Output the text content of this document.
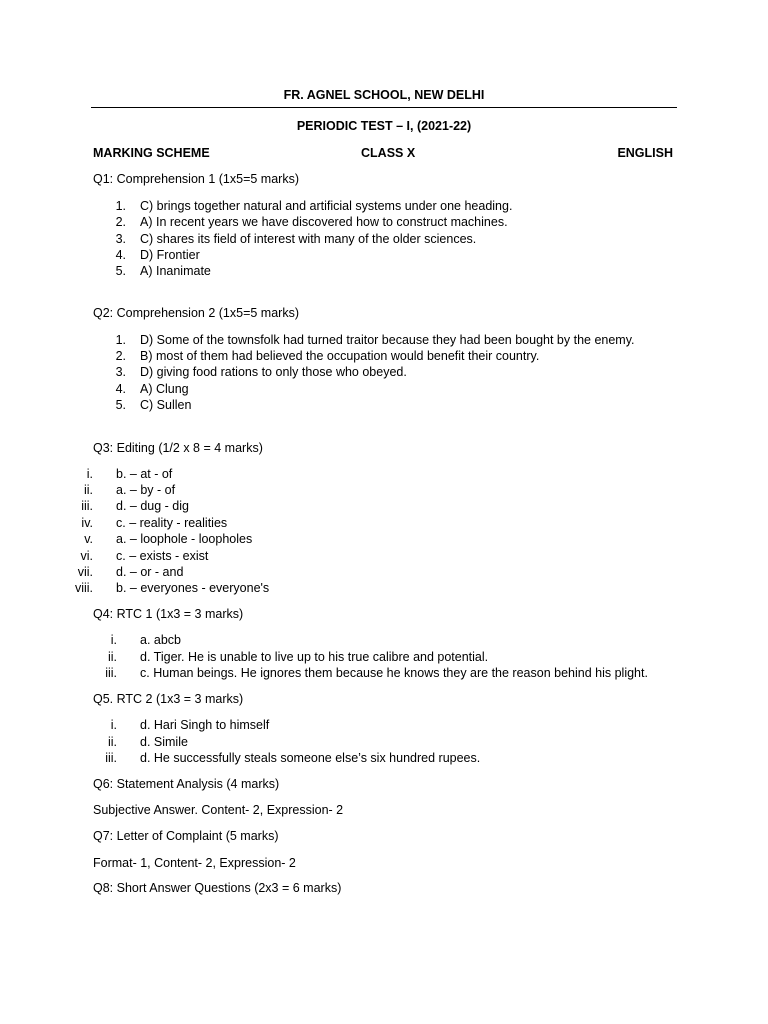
FR. AGNEL SCHOOL, NEW DELHI
PERIODIC TEST – I, (2021-22)
MARKING SCHEME	CLASS X	ENGLISH
Q1: Comprehension 1 (1x5=5 marks)
1. C) brings together natural and artificial systems under one heading.
2. A) In recent years we have discovered how to construct machines.
3. C) shares its field of interest with many of the older sciences.
4. D) Frontier
5. A) Inanimate
Q2: Comprehension 2 (1x5=5 marks)
1. D) Some of the townsfolk had turned traitor because they had been bought by the enemy.
2. B) most of them had believed the occupation would benefit their country.
3. D) giving food rations to only those who obeyed.
4. A) Clung
5. C) Sullen
Q3: Editing (1/2 x 8 = 4 marks)
i. b. – at - of
ii. a. – by - of
iii. d. – dug - dig
iv. c. – reality - realities
v. a. – loophole - loopholes
vi. c. – exists - exist
vii. d. – or - and
viii. b. – everyones - everyone's
Q4: RTC 1 (1x3 = 3 marks)
i. a. abcb
ii. d. Tiger. He is unable to live up to his true calibre and potential.
iii. c. Human beings. He ignores them because he knows they are the reason behind his plight.
Q5. RTC 2 (1x3 = 3 marks)
i. d. Hari Singh to himself
ii. d. Simile
iii. d. He successfully steals someone else’s six hundred rupees.
Q6: Statement Analysis (4 marks)
Subjective Answer. Content- 2, Expression- 2
Q7: Letter of Complaint (5 marks)
Format- 1, Content- 2, Expression- 2
Q8: Short Answer Questions (2x3 = 6 marks)
